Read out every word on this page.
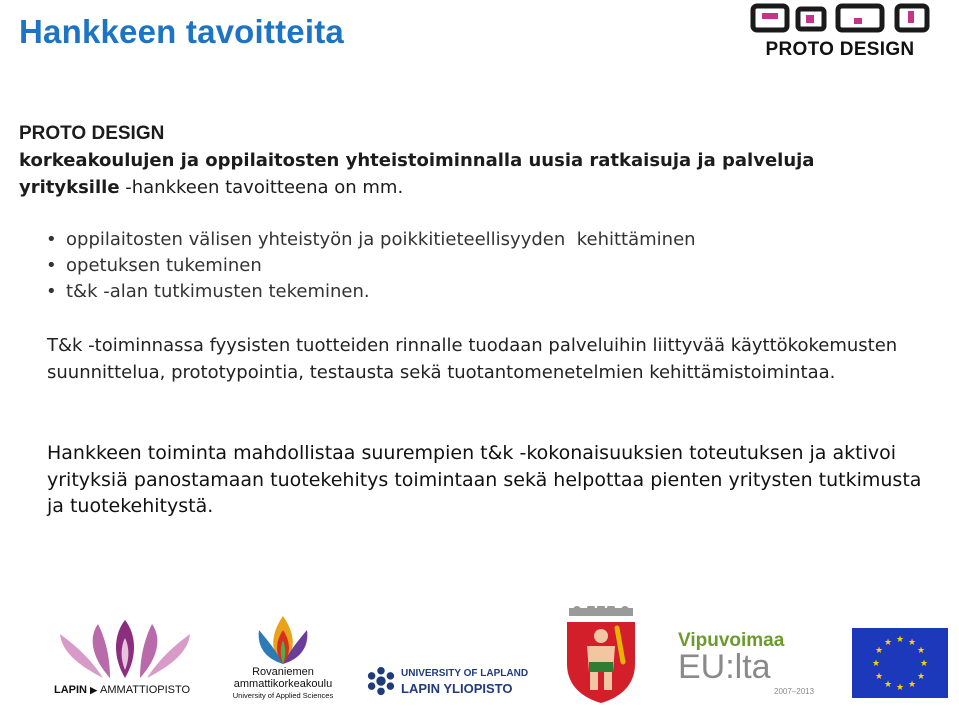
Hankkeen tavoitteita	PROTO DESIGN
PROTO DESIGN
korkeakoulujen ja oppilaitosten yhteistoiminnalla uusia ratkaisuja ja palveluja yrityksille -hankkeen tavoitteena on mm.
• oppilaitosten välisen yhteistyön ja poikkitieteellisyyden  kehittäminen
• opetuksen tukeminen
• t&k -alan tutkimusten tekeminen.
T&k -toiminnassa fyysisten tuotteiden rinnalle tuodaan palveluihin liittyvää käyttökokemusten suunnittelua, prototypointia, testausta sekä tuotantomenetelmien kehittämistoimintaa.
Hankkeen toiminta mahdollistaa suurempien t&k -kokonaisuuksien toteutuksen ja aktivoi yrityksiä panostamaan tuotekehitys toimintaan sekä helpottaa pienten yritysten tutkimusta ja tuotekehitystä.
LAPIN ▶ AMMATTIOPISTO
Rovaniemen
ammattikorkeakoulu
University of Applied Sciences
UNIVERSITY OF LAPLAND
LAPIN YLIOPISTO
Vipuvoimaa
EU:lta
2007–2013
★ ★
★
★
★
★
★
★
★
★
★
★
